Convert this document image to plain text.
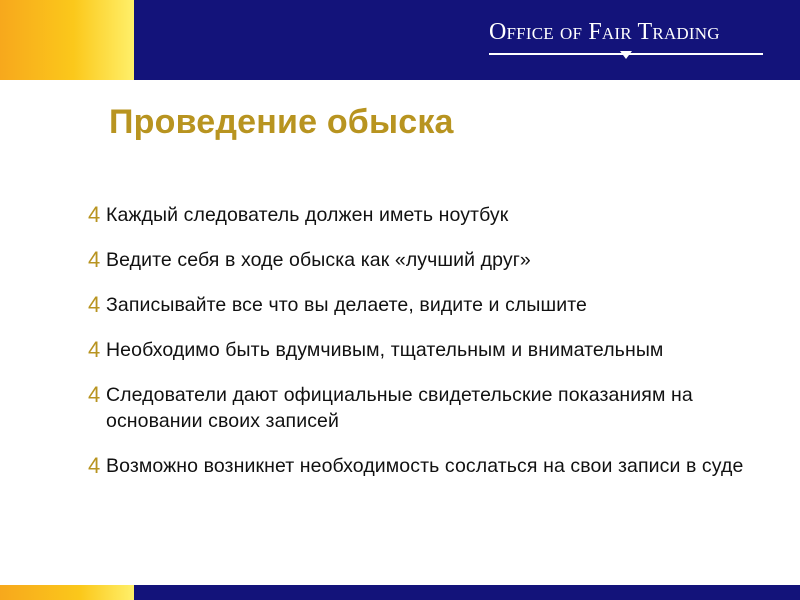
Office of Fair Trading
Проведение обыска
4 Каждый следователь должен иметь ноутбук
4 Ведите себя в ходе обыска как «лучший друг»
4 Записывайте все что вы делаете, видите и слышите
4 Необходимо быть вдумчивым, тщательным и внимательным
4 Следователи дают официальные свидетельские показаниям на основании своих записей
4 Возможно возникнет необходимость сослаться на свои записи в суде
